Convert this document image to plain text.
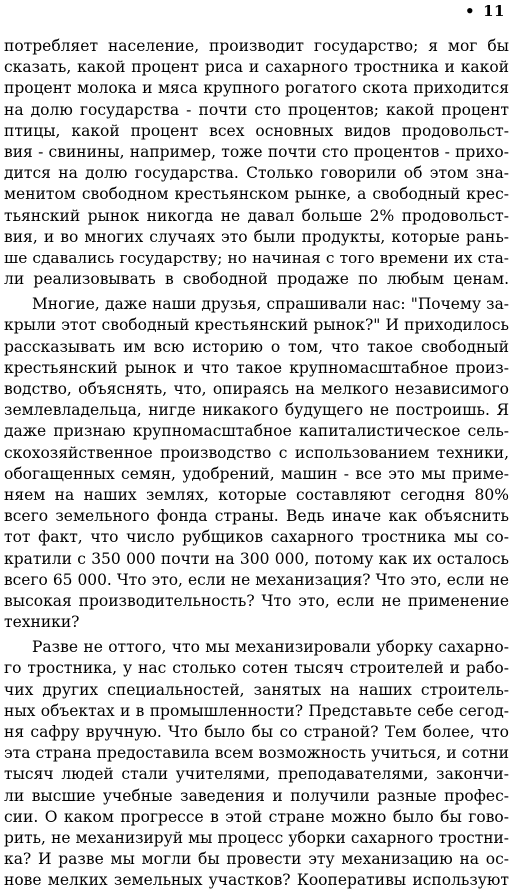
• 11
потребляет население, производит государство; я мог бы
сказать, какой процент риса и сахарного тростника и какой
процент молока и мяса крупного рогатого скота приходится
на долю государства - почти сто процентов; какой процент
птицы, какой процент всех основных видов продовольст-
вия - свинины, например, тоже почти сто процентов - прихо-
дится на долю государства. Столько говорили об этом зна-
менитом свободном крестьянском рынке, а свободный крес-
тьянский рынок никогда не давал больше 2% продовольст-
вия, и во многих случаях это были продукты, которые рань-
ше сдавались государству; но начиная с того времени их ста-
ли реализовывать в свободной продаже по любым ценам.
Многие, даже наши друзья, спрашивали нас: "Почему за-
крыли этот свободный крестьянский рынок?" И приходилось
рассказывать им всю историю о том, что такое свободный
крестьянский рынок и что такое крупномасштабное произ-
водство, объяснять, что, опираясь на мелкого независимого
землевладельца, нигде никакого будущего не построишь. Я
даже признаю крупномасштабное капиталистическое сель-
скохозяйственное производство с использованием техники,
обогащенных семян, удобрений, машин - все это мы приме-
няем на наших землях, которые составляют сегодня 80%
всего земельного фонда страны. Ведь иначе как объяснить
тот факт, что число рубщиков сахарного тростника мы со-
кратили с 350 000 почти на 300 000, потому как их осталось
всего 65 000. Что это, если не механизация? Что это, если не
высокая производительность? Что это, если не применение
техники?
Разве не оттого, что мы механизировали уборку сахарно-
го тростника, у нас столько сотен тысяч строителей и рабо-
чих других специальностей, занятых на наших строитель-
ных объектах и в промышленности? Представьте себе сегод-
ня сафру вручную. Что было бы со страной? Тем более, что
эта страна предоставила всем возможность учиться, и сотни
тысяч людей стали учителями, преподавателями, закончи-
ли высшие учебные заведения и получили разные профес-
сии. О каком прогрессе в этой стране можно было бы гово-
рить, не механизируй мы процесс уборки сахарного тростни-
ка? И разве мы могли бы провести эту механизацию на ос-
нове мелких земельных участков? Кооперативы используют
